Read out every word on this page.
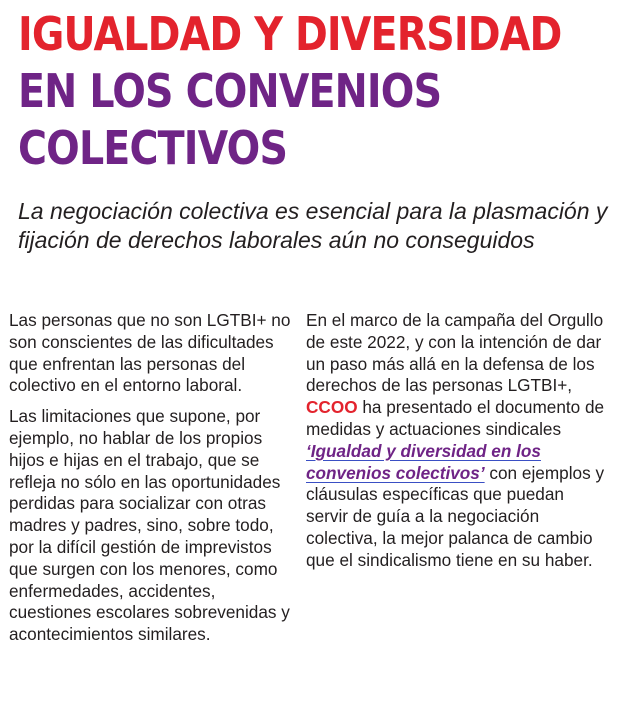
IGUALDAD Y DIVERSIDAD
EN LOS CONVENIOS
COLECTIVOS

La negociación colectiva es esencial para la plasmación y fijación de derechos laborales aún no conseguidos

Las personas que no son LGTBI+ no son conscientes de las dificultades que enfrentan las personas del colectivo en el entorno laboral.

Las limitaciones que supone, por ejemplo, no hablar de los propios hijos e hijas en el trabajo, que se refleja no sólo en las oportunidades perdidas para socializar con otras madres y padres, sino, sobre todo, por la difícil gestión de imprevistos que surgen con los menores, como enfermedades, accidentes, cuestiones escolares sobrevenidas y acontecimientos similares.

En el marco de la campaña del Orgullo de este 2022, y con la intención de dar un paso más allá en la defensa de los derechos de las personas LGTBI+, CCOO ha presentado el documento de medidas y actuaciones sindicales ‘Igualdad y diversidad en los convenios colectivos’ con ejemplos y cláusulas específicas que puedan servir de guía a la negociación colectiva, la mejor palanca de cambio que el sindicalismo tiene en su haber.
